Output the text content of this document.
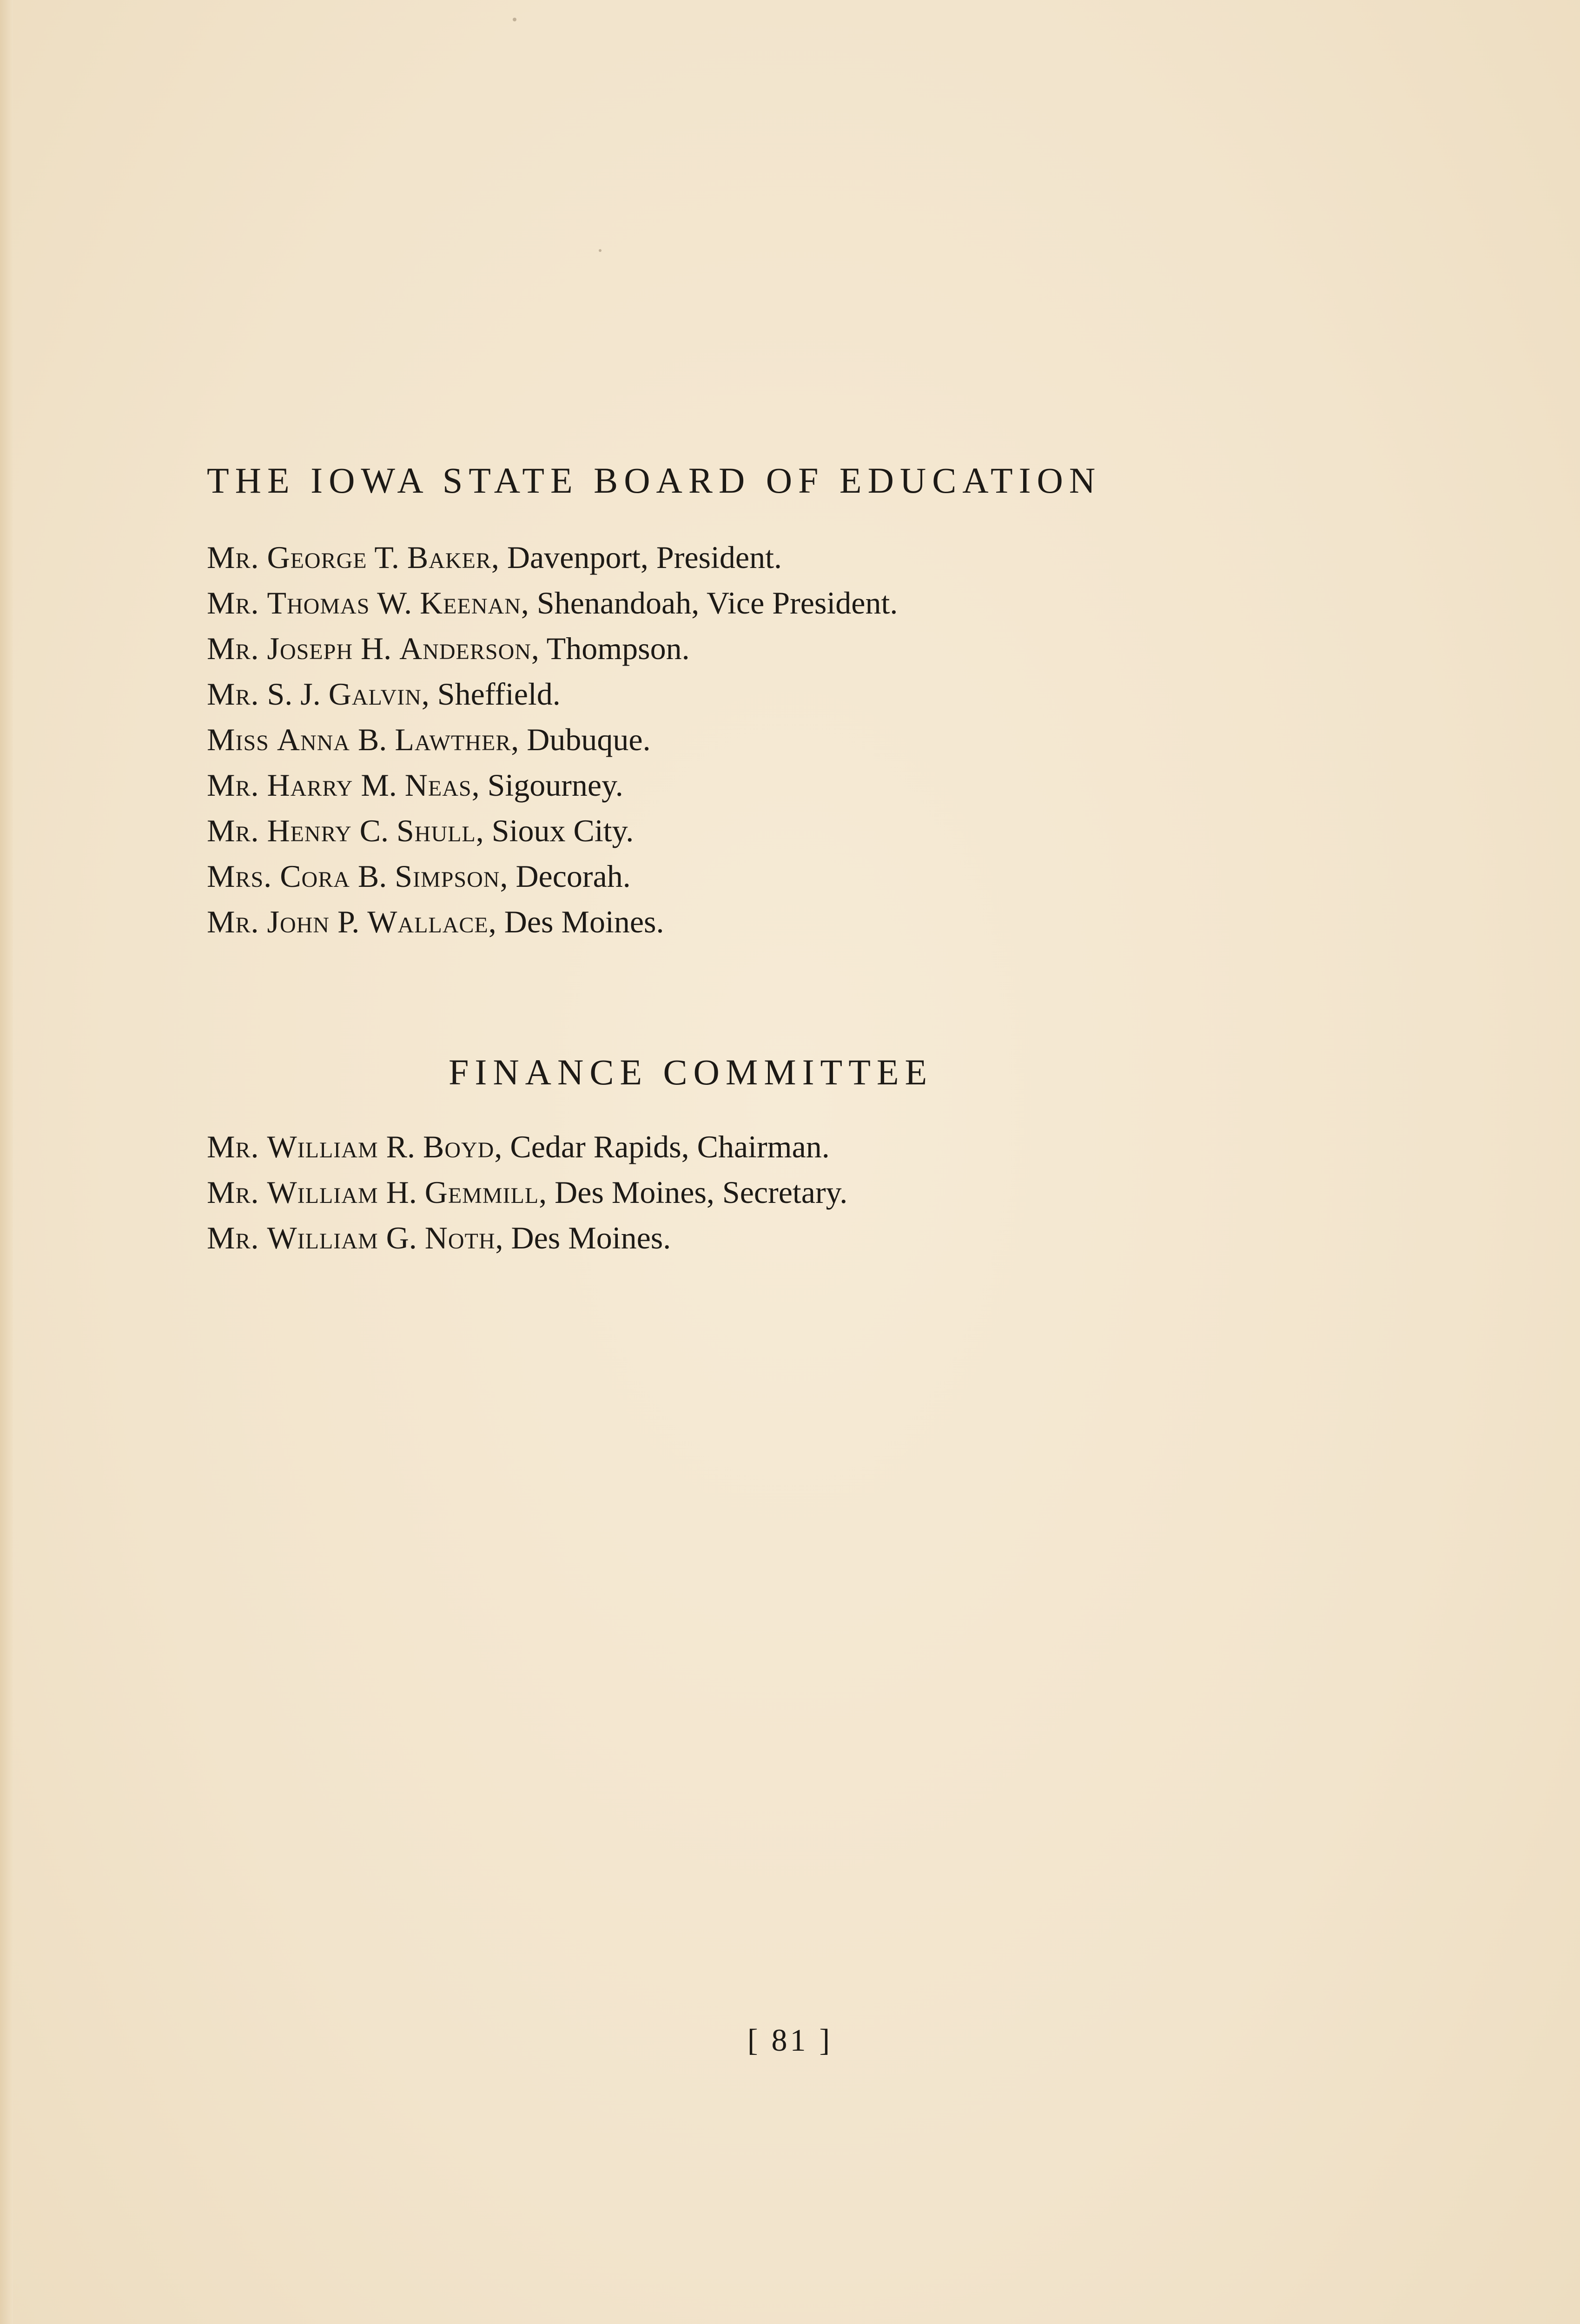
THE IOWA STATE BOARD OF EDUCATION
Mr. George T. Baker, Davenport, President.
Mr. Thomas W. Keenan, Shenandoah, Vice President.
Mr. Joseph H. Anderson, Thompson.
Mr. S. J. Galvin, Sheffield.
Miss Anna B. Lawther, Dubuque.
Mr. Harry M. Neas, Sigourney.
Mr. Henry C. Shull, Sioux City.
Mrs. Cora B. Simpson, Decorah.
Mr. John P. Wallace, Des Moines.
FINANCE COMMITTEE
Mr. William R. Boyd, Cedar Rapids, Chairman.
Mr. William H. Gemmill, Des Moines, Secretary.
Mr. William G. Noth, Des Moines.
[ 81 ]
